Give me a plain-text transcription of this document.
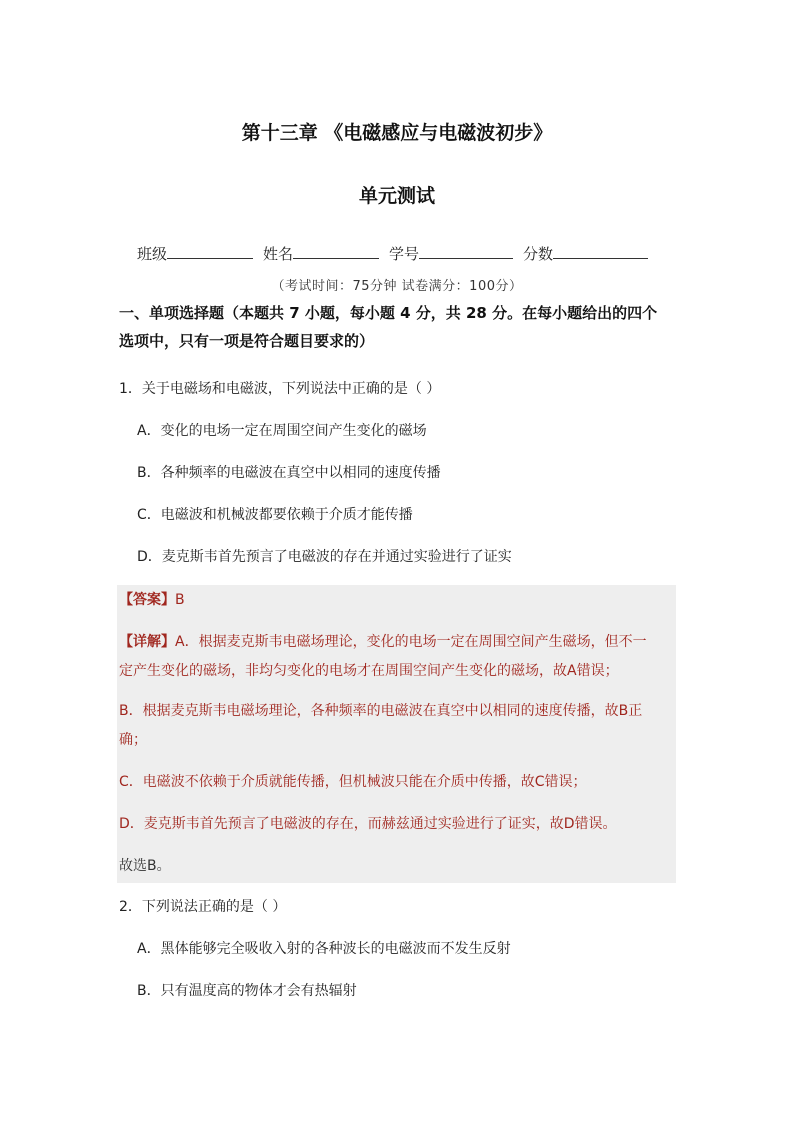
第十三章 《电磁感应与电磁波初步》
单元测试
班级	姓名	学号	分数
（考试时间：75分钟 试卷满分：100分）
一、单项选择题（本题共 7 小题，每小题 4 分，共 28 分。在每小题给出的四个
选项中，只有一项是符合题目要求的）
1．关于电磁场和电磁波，下列说法中正确的是（ ）
A．变化的电场一定在周围空间产生变化的磁场
B．各种频率的电磁波在真空中以相同的速度传播
C．电磁波和机械波都要依赖于介质才能传播
D．麦克斯韦首先预言了电磁波的存在并通过实验进行了证实
【答案】B
【详解】A．根据麦克斯韦电磁场理论，变化的电场一定在周围空间产生磁场，但不一
定产生变化的磁场，非均匀变化的电场才在周围空间产生变化的磁场，故A错误；
B．根据麦克斯韦电磁场理论，各种频率的电磁波在真空中以相同的速度传播，故B正
确；
C．电磁波不依赖于介质就能传播，但机械波只能在介质中传播，故C错误；
D．麦克斯韦首先预言了电磁波的存在，而赫兹通过实验进行了证实，故D错误。
故选B。
2．下列说法正确的是（ ）
A．黑体能够完全吸收入射的各种波长的电磁波而不发生反射
B．只有温度高的物体才会有热辐射
